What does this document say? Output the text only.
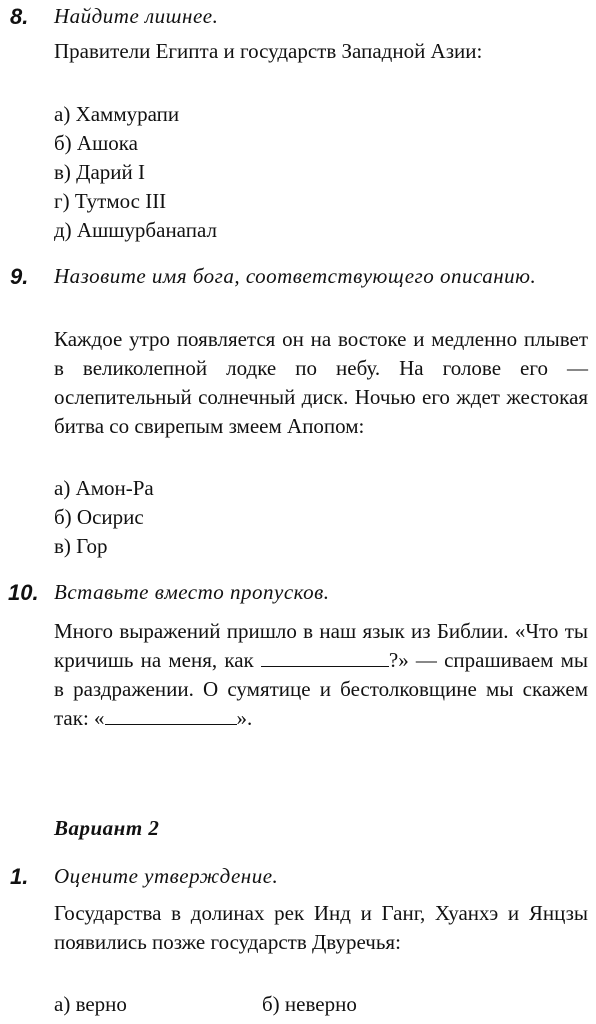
8. Найдите лишнее.
Правители Египта и государств Западной Азии:
а) Хаммурапи
б) Ашока
в) Дарий I
г) Тутмос III
д) Ашшурбанапал
9. Назовите имя бога, соответствующего описанию.
Каждое утро появляется он на востоке и медленно плывет в великолепной лодке по небу. На голове его — ослепительный солнечный диск. Ночью его ждет жестокая битва со свирепым змеем Апопом:
а) Амон-Ра
б) Осирис
в) Гор
10. Вставьте вместо пропусков.
Много выражений пришло в наш язык из Библии. «Что ты кричишь на меня, как	?» — спрашиваем мы в раздражении. О сумятице и бестолковщине мы скажем так: «	».
Вариант 2
1. Оцените утверждение.
Государства в долинах рек Инд и Ганг, Хуанхэ и Янцзы появились позже государств Двуречья:
а) верно	б) неверно
